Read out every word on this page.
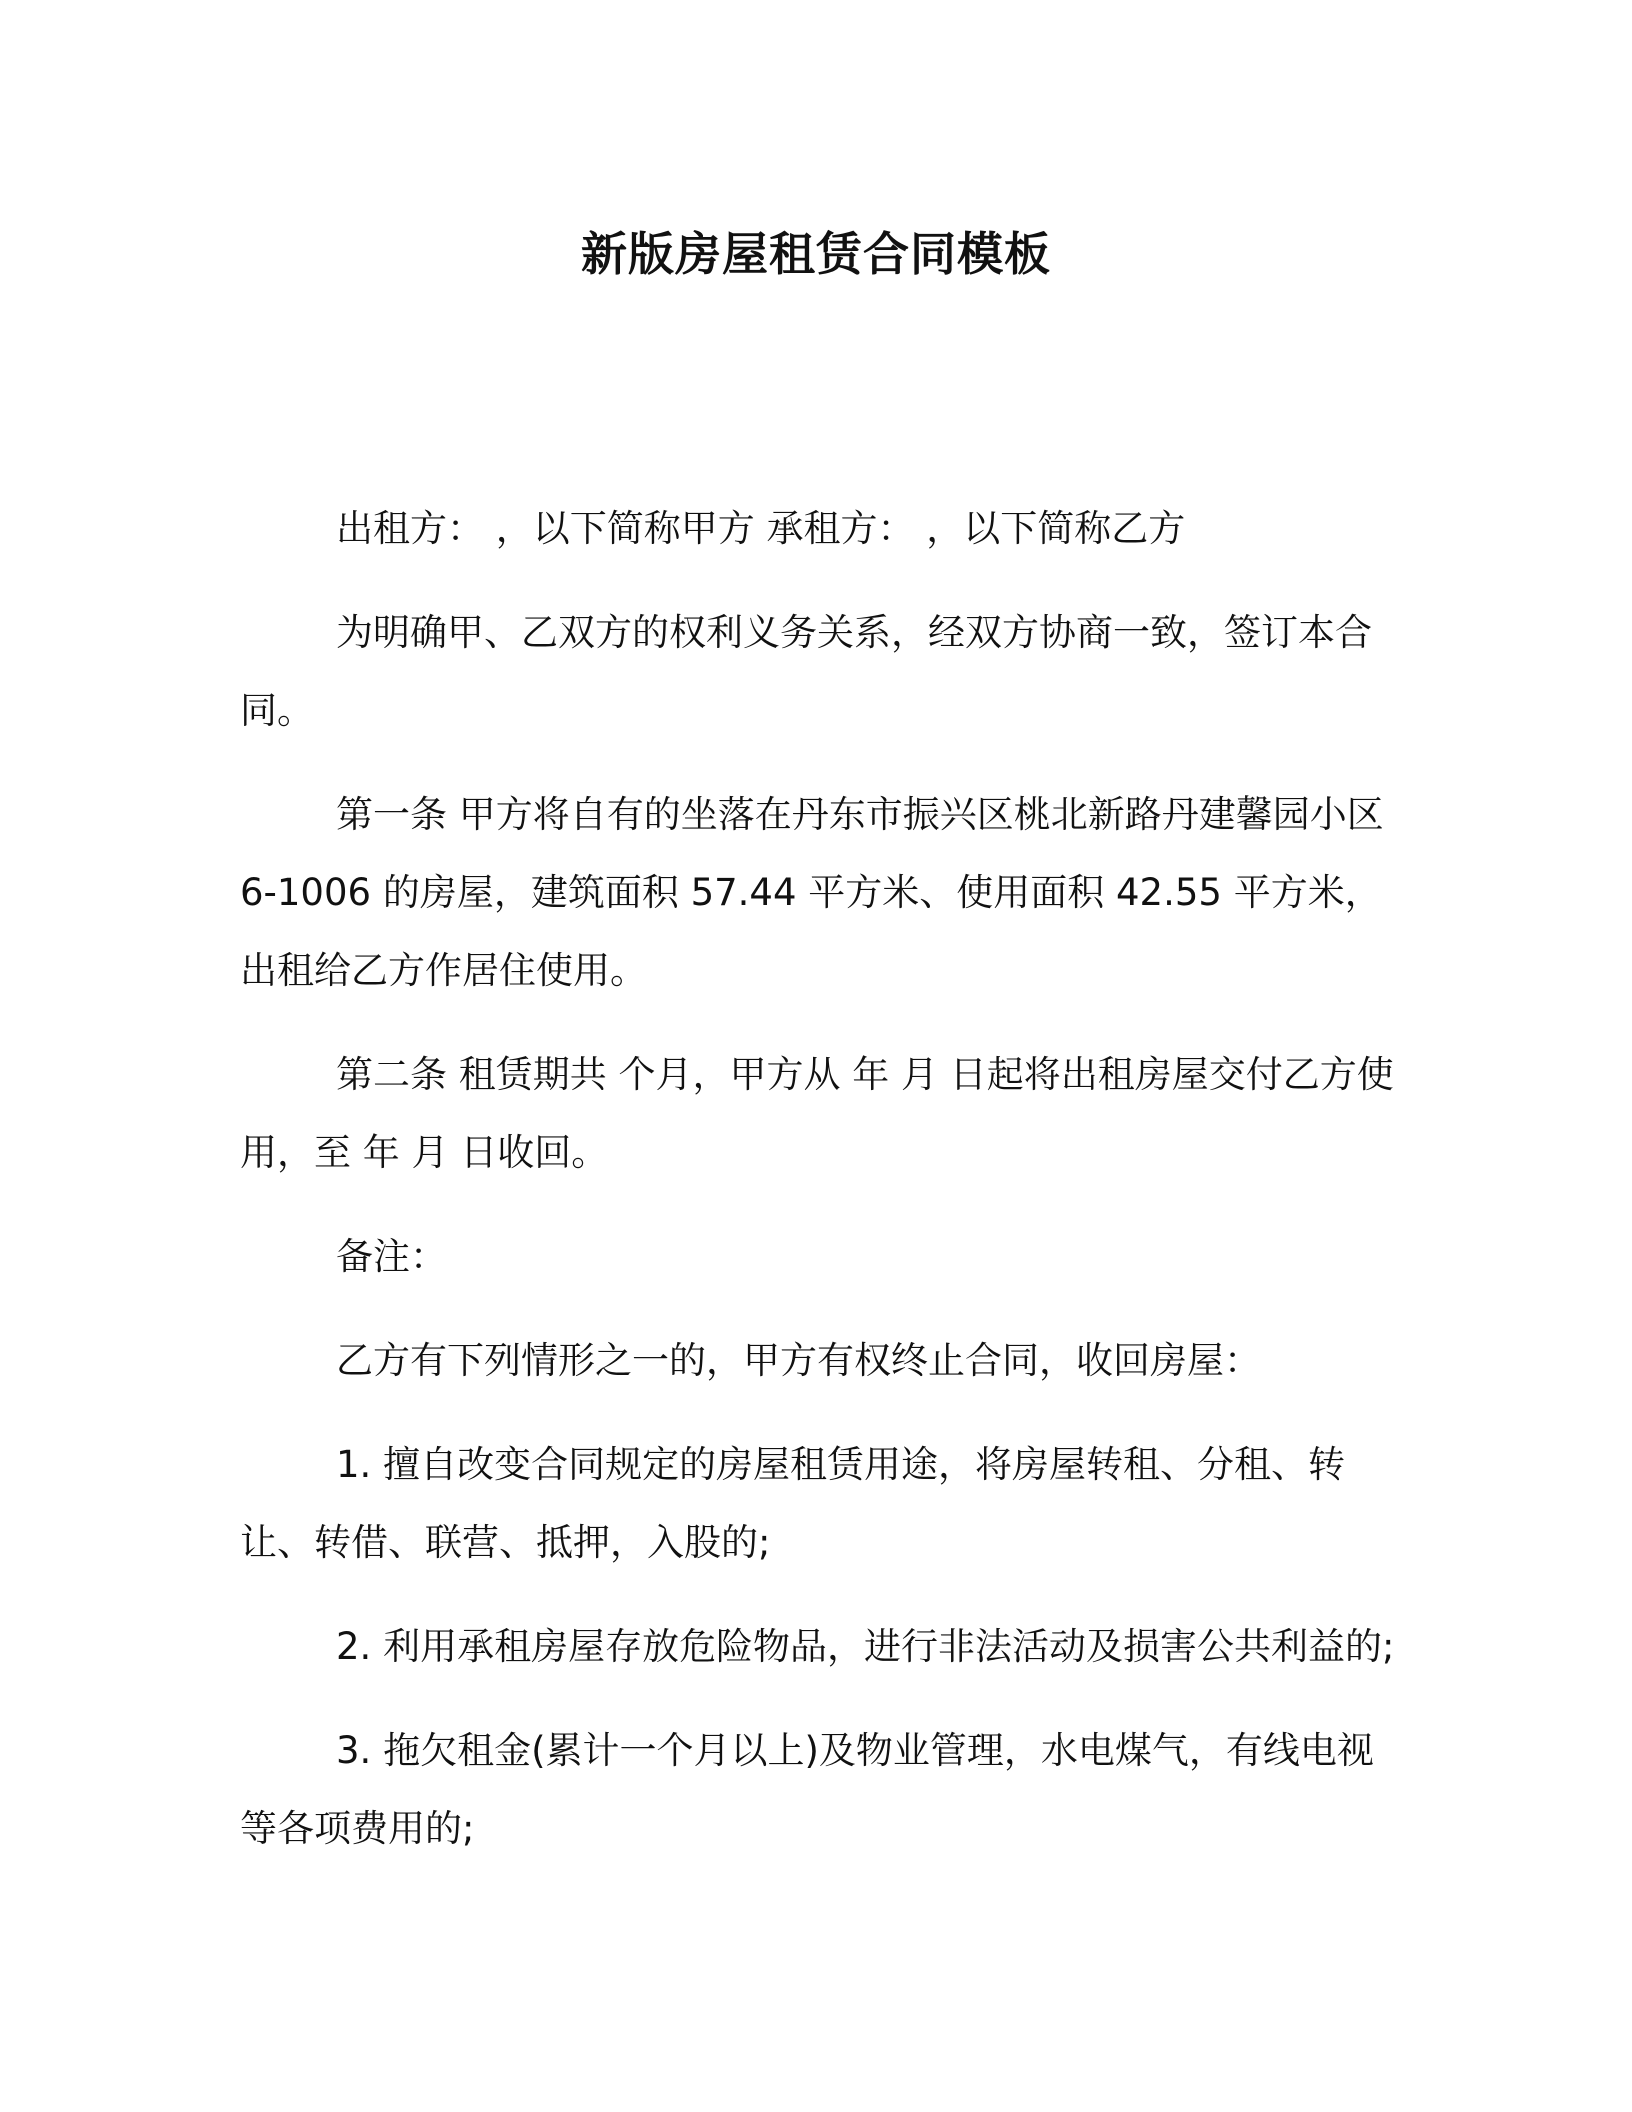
新版房屋租赁合同模板

出租方： ，以下简称甲方 承租方： ，以下简称乙方

为明确甲、乙双方的权利义务关系，经双方协商一致，签订本合同。

第一条 甲方将自有的坐落在丹东市振兴区桃北新路丹建馨园小区 6-1006 的房屋，建筑面积 57.44 平方米、使用面积 42.55 平方米，出租给乙方作居住使用。

第二条 租赁期共 个月，甲方从 年 月 日起将出租房屋交付乙方使用，至 年 月 日收回。

备注：

乙方有下列情形之一的，甲方有权终止合同，收回房屋：

1. 擅自改变合同规定的房屋租赁用途，将房屋转租、分租、转让、转借、联营、抵押，入股的;

2. 利用承租房屋存放危险物品，进行非法活动及损害公共利益的;

3. 拖欠租金(累计一个月以上)及物业管理，水电煤气，有线电视等各项费用的;
